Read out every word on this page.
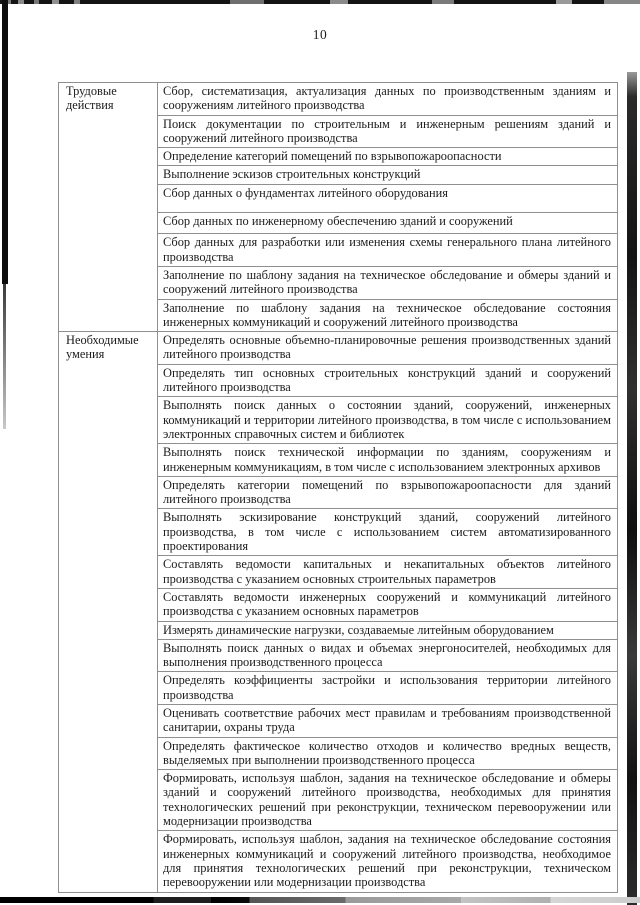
10
Трудовые действия	Сбор, систематизация, актуализация данных по производственным зданиям и сооружениям литейного производства
	Поиск документации по строительным и инженерным решениям зданий и сооружений литейного производства
	Определение категорий помещений по взрывопожароопасности
	Выполнение эскизов строительных конструкций
	Сбор данных о фундаментах литейного оборудования
	Сбор данных по инженерному обеспечению зданий и сооружений
	Сбор данных для разработки или изменения схемы генерального плана литейного производства
	Заполнение по шаблону задания на техническое обследование и обмеры зданий и сооружений литейного производства
	Заполнение по шаблону задания на техническое обследование состояния инженерных коммуникаций и сооружений литейного производства
Необходимые умения	Определять основные объемно-планировочные решения производственных зданий литейного производства
	Определять тип основных строительных конструкций зданий и сооружений литейного производства
	Выполнять поиск данных о состоянии зданий, сооружений, инженерных коммуникаций и территории литейного производства, в том числе с использованием электронных справочных систем и библиотек
	Выполнять поиск технической информации по зданиям, сооружениям и инженерным коммуникациям, в том числе с использованием электронных архивов
	Определять категории помещений по взрывопожароопасности для зданий литейного производства
	Выполнять эскизирование конструкций зданий, сооружений литейного производства, в том числе с использованием систем автоматизированного проектирования
	Составлять ведомости капитальных и некапитальных объектов литейного производства с указанием основных строительных параметров
	Составлять ведомости инженерных сооружений и коммуникаций литейного производства с указанием основных параметров
	Измерять динамические нагрузки, создаваемые литейным оборудованием
	Выполнять поиск данных о видах и объемах энергоносителей, необходимых для выполнения производственного процесса
	Определять коэффициенты застройки и использования территории литейного производства
	Оценивать соответствие рабочих мест правилам и требованиям производственной санитарии, охраны труда
	Определять фактическое количество отходов и количество вредных веществ, выделяемых при выполнении производственного процесса
	Формировать, используя шаблон, задания на техническое обследование и обмеры зданий и сооружений литейного производства, необходимых для принятия технологических решений при реконструкции, техническом перевооружении или модернизации производства
	Формировать, используя шаблон, задания на техническое обследование состояния инженерных коммуникаций и сооружений литейного производства, необходимое для принятия технологических решений при реконструкции, техническом перевооружении или модернизации производства
